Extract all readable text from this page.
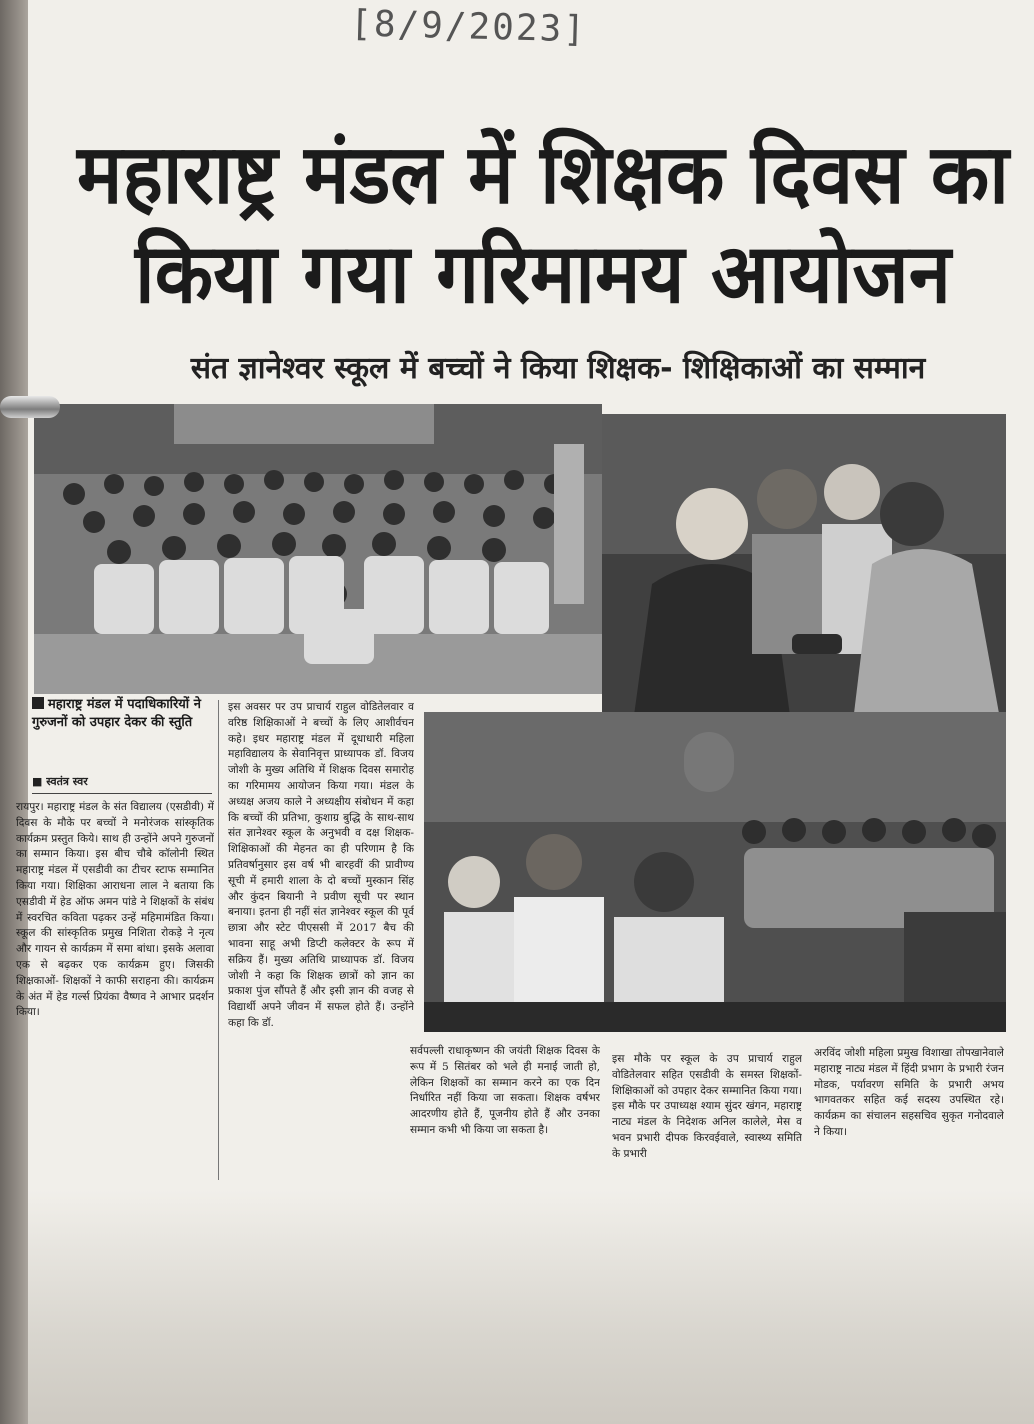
[8/9/2023]
महाराष्ट्र मंडल में शिक्षक दिवस का
किया गया गरिमामय आयोजन
संत ज्ञानेश्वर स्कूल में बच्चों ने किया शिक्षक- शिक्षिकाओं का सम्मान
महाराष्ट्र मंडल में पदाधिकारियों ने गुरुजनों को उपहार देकर की स्तुति
■ स्वतंत्र स्वर
रायपुर। महाराष्ट्र मंडल के संत विद्यालय (एसडीवी) में दिवस के मौके पर बच्चों ने मनोरंजक सांस्कृतिक कार्यक्रम प्रस्तुत किये। साथ ही उन्होंने अपने गुरुजनों का सम्मान किया। इस बीच चौबे कॉलोनी स्थित महाराष्ट्र मंडल में एसडीवी का टीचर स्टाफ सम्मानित किया गया। शिक्षिका आराधना लाल ने बताया कि एसडीवी में हेड ऑफ अमन पांडे ने शिक्षकों के संबंध में स्वरचित कविता पढ़कर उन्हें महिमामंडित किया। स्कूल की सांस्कृतिक प्रमुख निशिता रोकड़े ने नृत्य और गायन से कार्यक्रम में समा बांधा। इसके अलावा एक से बढ़कर एक कार्यक्रम हुए। जिसकी शिक्षकाओं- शिक्षकों ने काफी सराहना की। कार्यक्रम के अंत में हेड गर्ल्स प्रियंका वैष्णव ने आभार प्रदर्शन किया।
इस अवसर पर उप प्राचार्य राहुल वोडितेलवार व वरिष्ठ शिक्षिकाओं ने बच्चों के लिए आशीर्वचन कहे। इधर महाराष्ट्र मंडल में दूधाधारी महिला महाविद्यालय के सेवानिवृत्त प्राध्यापक डॉ. विजय जोशी के मुख्य अतिथि में शिक्षक दिवस समारोह का गरिमामय आयोजन किया गया। मंडल के अध्यक्ष अजय काले ने अध्यक्षीय संबोधन में कहा कि बच्चों की प्रतिभा, कुशाग्र बुद्धि के साथ-साथ संत ज्ञानेश्वर स्कूल के अनुभवी व दक्ष शिक्षक- शिक्षिकाओं की मेहनत का ही परिणाम है कि प्रतिवर्षानुसार इस वर्ष भी बारहवीं की प्रावीण्य सूची में हमारी शाला के दो बच्चों मुस्कान सिंह और कुंदन बियानी ने प्रवीण सूची पर स्थान बनाया। इतना ही नहीं संत ज्ञानेश्वर स्कूल की पूर्व छात्रा और स्टेट पीएससी में 2017 बैच की भावना साहू अभी डिप्टी कलेक्टर के रूप में सक्रिय हैं। मुख्य अतिथि प्राध्यापक डॉ. विजय जोशी ने कहा कि शिक्षक छात्रों को ज्ञान का प्रकाश पुंज सौंपते हैं और इसी ज्ञान की वजह से विद्यार्थी अपने जीवन में सफल होते हैं। उन्होंने कहा कि डॉ.
सर्वपल्ली राधाकृष्णन की जयंती शिक्षक दिवस के रूप में 5 सितंबर को भले ही मनाई जाती हो, लेकिन शिक्षकों का सम्मान करने का एक दिन निर्धारित नहीं किया जा सकता। शिक्षक वर्षभर आदरणीय होते हैं, पूजनीय होते हैं और उनका सम्मान कभी भी किया जा सकता है।
इस मौके पर स्कूल के उप प्राचार्य राहुल वोडितेलवार सहित एसडीवी के समस्त शिक्षकों- शिक्षिकाओं को उपहार देकर सम्मानित किया गया। इस मौके पर उपाध्यक्ष श्याम सुंदर खंगन, महाराष्ट्र नाट्य मंडल के निदेशक अनिल कालेले, मेस व भवन प्रभारी दीपक किरवईवाले, स्वास्थ्य समिति के प्रभारी
अरविंद जोशी महिला प्रमुख विशाखा तोपखानेवाले महाराष्ट्र नाट्य मंडल में हिंदी प्रभाग के प्रभारी रंजन मोडक, पर्यावरण समिति के प्रभारी अभय भागवतकर सहित कई सदस्य उपस्थित रहे। कार्यक्रम का संचालन सहसचिव सुकृत गनोदवाले ने किया।
